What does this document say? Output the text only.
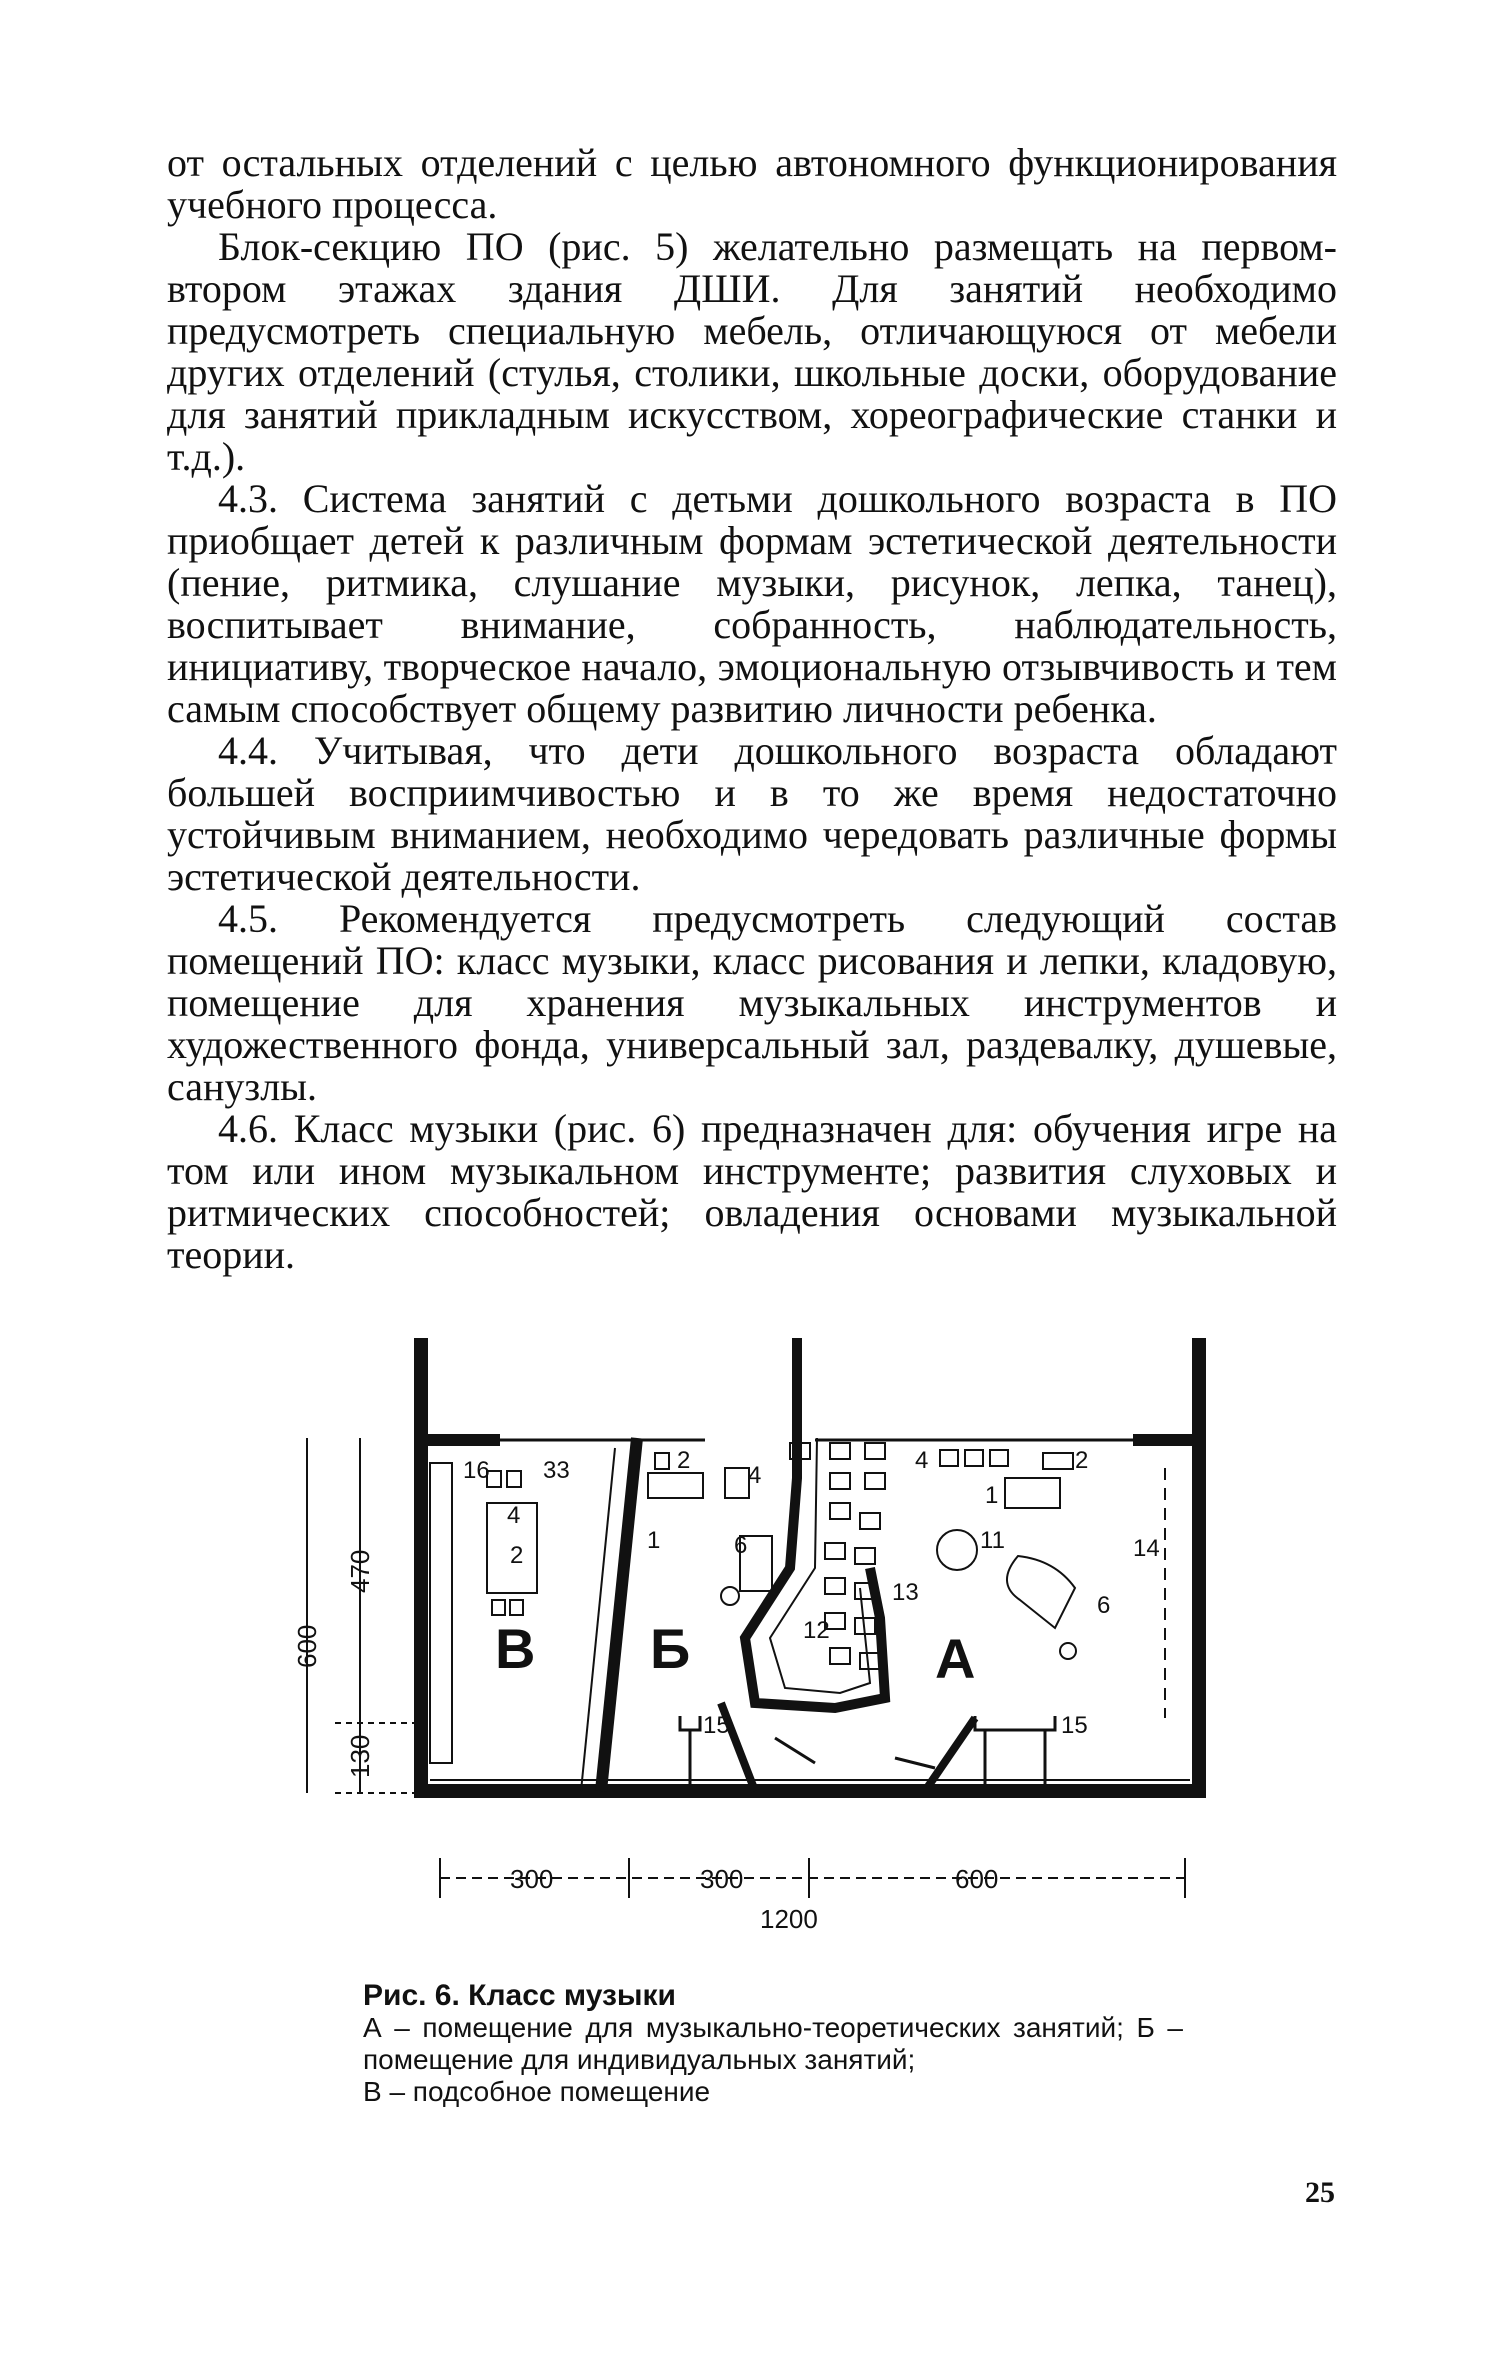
от остальных отделений с целью автономного функционирования учебного процесса.

Блок-секцию ПО (рис. 5) желательно размещать на первом-втором этажах здания ДШИ. Для занятий необходимо предусмотреть специальную мебель, отличающуюся от мебели других отделений (стулья, столики, школьные доски, оборудование для занятий прикладным искусством, хореографические станки и т.д.).

4.3. Система занятий с детьми дошкольного возраста в ПО приобщает детей к различным формам эстетической деятельности (пение, ритмика, слушание музыки, рисунок, лепка, танец), воспитывает внимание, собранность, наблюдательность, инициативу, творческое начало, эмоциональную отзывчивость и тем самым способствует общему развитию личности ребенка.

4.4. Учитывая, что дети дошкольного возраста обладают большей восприимчивостью и в то же время недостаточно устойчивым вниманием, необходимо чередовать различные формы эстетической деятельности.

4.5. Рекомендуется предусмотреть следующий состав помещений ПО: класс музыки, класс рисования и лепки, кладовую, помещение для хранения музыкальных инструментов и художественного фонда, универсальный зал, раздевалку, душевые, санузлы.

4.6. Класс музыки (рис. 6) предназначен для: обучения игре на том или ином музыкальном инструменте; развития слуховых и ритмических способностей; овладения основами музыкальной теории.

В Б	А
16 33
4
2
2
1
4
6
12
13
15
4	2
1
11	14
6
15
600
470
130
300	300	600
1200
Рис. 6. Класс музыки
А – помещение для музыкально-теоретических занятий; Б – помещение для индивидуальных занятий;
В – подсобное помещение
25
